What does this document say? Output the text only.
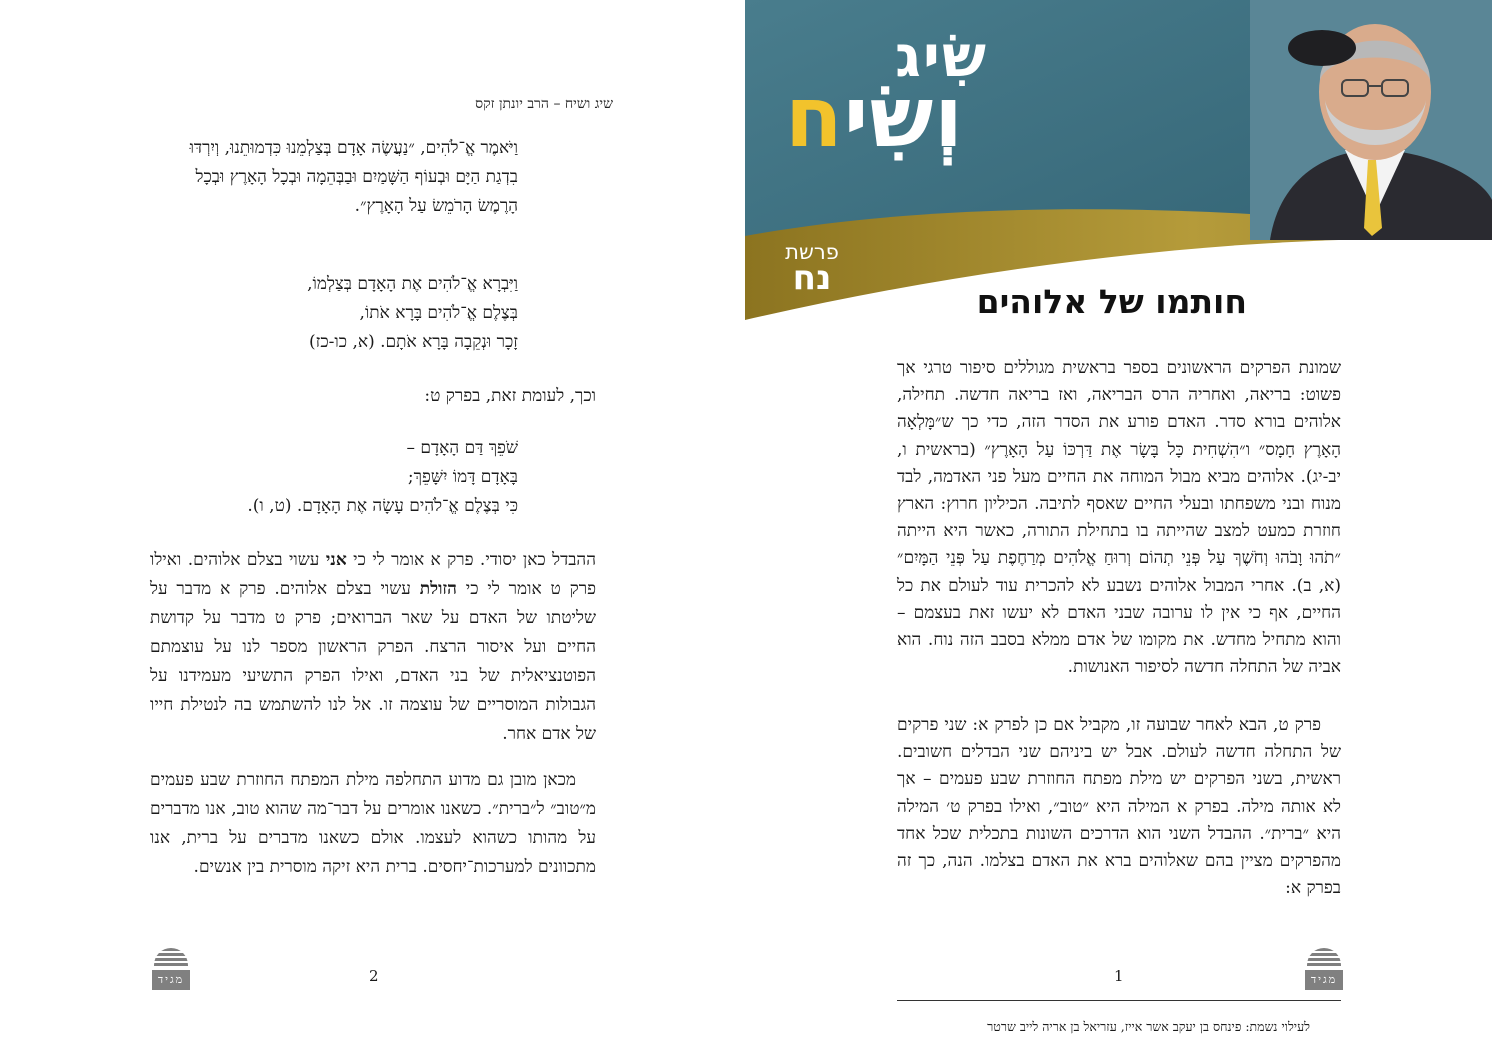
שיג ושיח – הרב יונתן זקס
וַיֹּאמֶר אֱ־לֹהִים, ״נַעֲשֶׂה אָדָם בְּצַלְמֵנוּ כִּדְמוּתֵנוּ, וְיִרְדּוּ
בִדְגַת הַיָּם וּבְעוֹף הַשָּׁמַיִם וּבַבְּהֵמָה וּבְכָל הָאָרֶץ וּבְכָל
הָרֶמֶשׂ הָרֹמֵשׂ עַל הָאָרֶץ״.
וַיִּבְרָא אֱ־לֹהִים אֶת הָאָדָם בְּצַלְמוֹ,
בְּצֶלֶם אֱ־לֹהִים בָּרָא אֹתוֹ,
זָכָר וּנְקֵבָה בָּרָא אֹתָם. (א, כו-כז)
וכך, לעומת זאת, בפרק ט:
שֹׁפֵךְ דַּם הָאָדָם –
בָּאָדָם דָּמוֹ יִשָּׁפֵךְ;
כִּי בְּצֶלֶם אֱ־לֹהִים עָשָׂה אֶת הָאָדָם. (ט, ו).
ההבדל כאן יסודי. פרק א אומר לי כי אני עשוי בצלם אלוהים. ואילו פרק ט אומר לי כי הזולת עשוי בצלם אלוהים. פרק א מדבר על שליטתו של האדם על שאר הברואים; פרק ט מדבר על קדושת החיים ועל איסור הרצח. הפרק הראשון מספר לנו על עוצמתם הפוטנציאלית של בני האדם, ואילו הפרק התשיעי מעמידנו על הגבולות המוסריים של עוצמה זו. אל לנו להשתמש בה לנטילת חייו של אדם אחר.
מכאן מובן גם מדוע התחלפה מילת המפתח החוזרת שבע פעמים מ״טוב״ ל״ברית״. כשאנו אומרים על דבר־מה שהוא טוב, אנו מדברים על מהותו כשהוא לעצמו. אולם כשאנו מדברים על ברית, אנו מתכוונים למערכות־יחסים. ברית היא זיקה מוסרית בין אנשים.
מגיד	2
שִׂיג
וְשִׂיח
פרשת
נח
חותמו של אלוהים
שמונת הפרקים הראשונים בספר בראשית מגוללים סיפור טרגי אך פשוט: בריאה, ואחריה הרס הבריאה, ואז בריאה חדשה. תחילה, אלוהים בורא סדר. האדם פורע את הסדר הזה, כדי כך ש״מָּלְאָה הָאָרֶץ חָמָס״ ו״הִשְׁחִית כָּל בָּשָׂר אֶת דַּרְכּוֹ עַל הָאָרֶץ״ (בראשית ו, יב-יג). אלוהים מביא מבול המוחה את החיים מעל פני האדמה, לבד מנוח ובני משפחתו ובעלי החיים שאסף לתיבה. הכיליון חרוץ: הארץ חוזרת כמעט למצב שהייתה בו בתחילת התורה, כאשר היא הייתה ״תֹהוּ וָבֹהוּ וְחֹשֶׁךְ עַל פְּנֵי תְהוֹם וְרוּחַ אֱלֹהִים מְרַחֶפֶת עַל פְּנֵי הַמָּיִם״ (א, ב). אחרי המבול אלוהים נשבע לא להכרית עוד לעולם את כל החיים, אף כי אין לו ערובה שבני האדם לא יעשו זאת בעצמם – והוא מתחיל מחדש. את מקומו של אדם ממלא בסבב הזה נוח. הוא אביה של התחלה חדשה לסיפור האנושות.
פרק ט, הבא לאחר שבועה זו, מקביל אם כן לפרק א: שני פרקים של התחלה חדשה לעולם. אבל יש ביניהם שני הבדלים חשובים. ראשית, בשני הפרקים יש מילת מפתח החוזרת שבע פעמים – אך לא אותה מילה. בפרק א המילה היא ״טוב״, ואילו בפרק ט׳ המילה היא ״ברית״. ההבדל השני הוא הדרכים השונות בתכלית שכל אחד מהפרקים מציין בהם שאלוהים ברא את האדם בצלמו. הנה, כך זה בפרק א:
1	מגיד
לעילוי נשמת: פינחס בן יעקב אשר אייז, עזריאל בן אריה לייב שרטר
